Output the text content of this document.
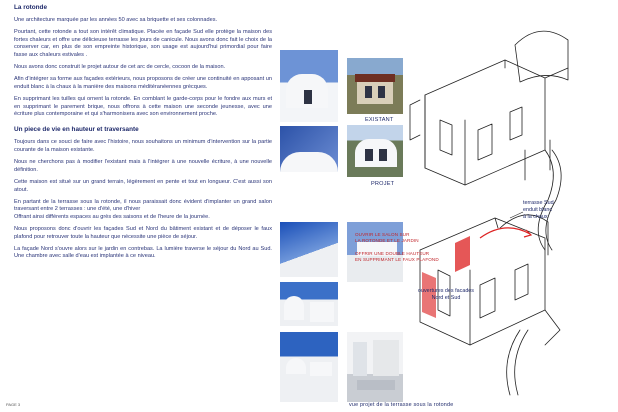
La rotonde

Une architecture marquée par les années 50 avec sa briquette et ses colonnades.

Pourtant, cette rotonde a tout son intérêt climatique. Placée en façade Sud elle protège la maison des fortes chaleurs et offre une délicieuse terrasse les jours de canicule. Nous avons donc fait le choix de la conserver car, en plus de son empreinte historique, son usage est aujourd'hui primordial pour faire fasse aux chaleurs estivales .

Nous avons donc construit le projet autour de cet arc de cercle, cocoon de la maison.

Afin d'intégrer sa forme aux façades extérieurs, nous proposons de créer une continuité en apposant un enduit blanc à la chaux à la manière des maisons méditéranéennes grècques.

En supprimant les tuilles qui ornent la rotonde. En comblant le garde-corps pour le fondre aux murs et en supprimant le parement brique, nous offrons à cette maison une seconde jeunesse, avec une écriture plus contemporaine et qui s'harmonisera avec son environnement proche.

Un piece de vie en hauteur et traversante

Toujours dans ce souci de faire avec l'histoire, nous souhaitons un minimum d'intervention sur la partie courante de la maison existante.

Nous ne cherchons pas à modifier l'existant mais à l'intégrer à une nouvelle écriture, à une nouvelle définition.

Cette maison est situé sur un grand terrain, légèrement en pente et tout en longueur. C'est aussi son atout.

En partant de la terrasse sous la rotonde, il nous paraissait donc évident d'implanter un grand salon traversant entre 2 terrasses : une d'été, une d'hiver
Offrant ainsi différents espaces au grès des saisons et de l'heure de la journée.

Nous proposons donc d'ouvrir les façades Sud et Nord du bâtiment existant et de déposer le faux plafond pour retrouver toute la hauteur que nécessite une pièce de séjour.

La façade Nord s'ouvre alors sur le jardin en contrebas. La lumière traverse le séjour du Nord au Sud. Une chambre avec salle d'eau est implantée à ce niveau.

PAGE 3
EXISTANT
PROJET
vue projet de la terrasse sous la rotonde
terrasse Sud
enduit blanc
à la chaux
OUVRIR LE SALON SUR
LA ROTONDE ET LE JARDIN
OFFRIR UNE DOUBLE HAUTEUR
EN SUPPRIMANT LE FAUX PLAFOND
ouvertures des facades
Nord et Sud
